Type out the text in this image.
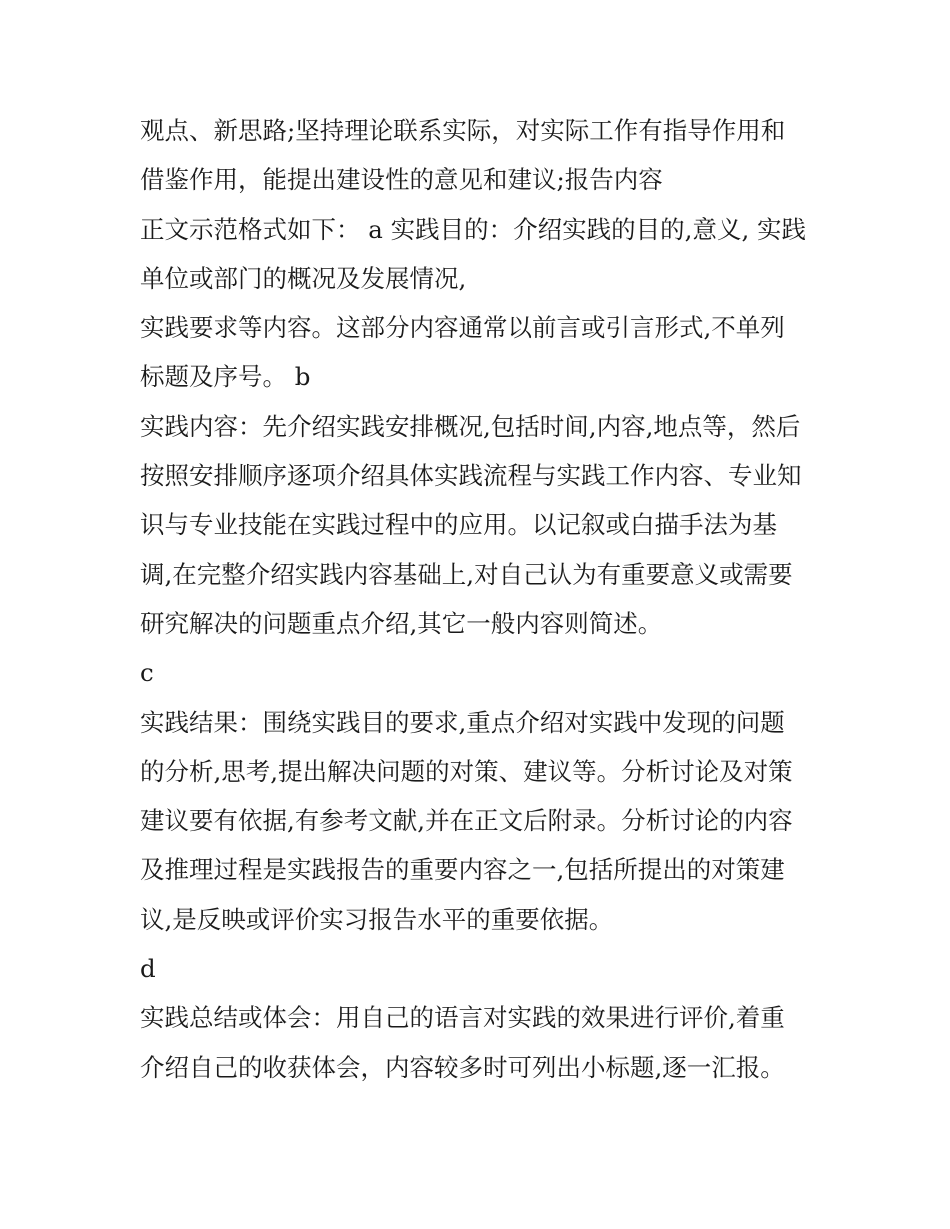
观点、新思路;坚持理论联系实际，对实际工作有指导作用和

借鉴作用，能提出建设性的意见和建议;报告内容

正文示范格式如下： a 实践目的：介绍实践的目的,意义, 实践

单位或部门的概况及发展情况,

实践要求等内容。这部分内容通常以前言或引言形式,不单列

标题及序号。 b

实践内容：先介绍实践安排概况,包括时间,内容,地点等，然后

按照安排顺序逐项介绍具体实践流程与实践工作内容、专业知

识与专业技能在实践过程中的应用。以记叙或白描手法为基

调,在完整介绍实践内容基础上,对自己认为有重要意义或需要

研究解决的问题重点介绍,其它一般内容则简述。

c

实践结果：围绕实践目的要求,重点介绍对实践中发现的问题

的分析,思考,提出解决问题的对策、建议等。分析讨论及对策

建议要有依据,有参考文献,并在正文后附录。分析讨论的内容

及推理过程是实践报告的重要内容之一,包括所提出的对策建

议,是反映或评价实习报告水平的重要依据。

d

实践总结或体会：用自己的语言对实践的效果进行评价,着重

介绍自己的收获体会，内容较多时可列出小标题,逐一汇报。
